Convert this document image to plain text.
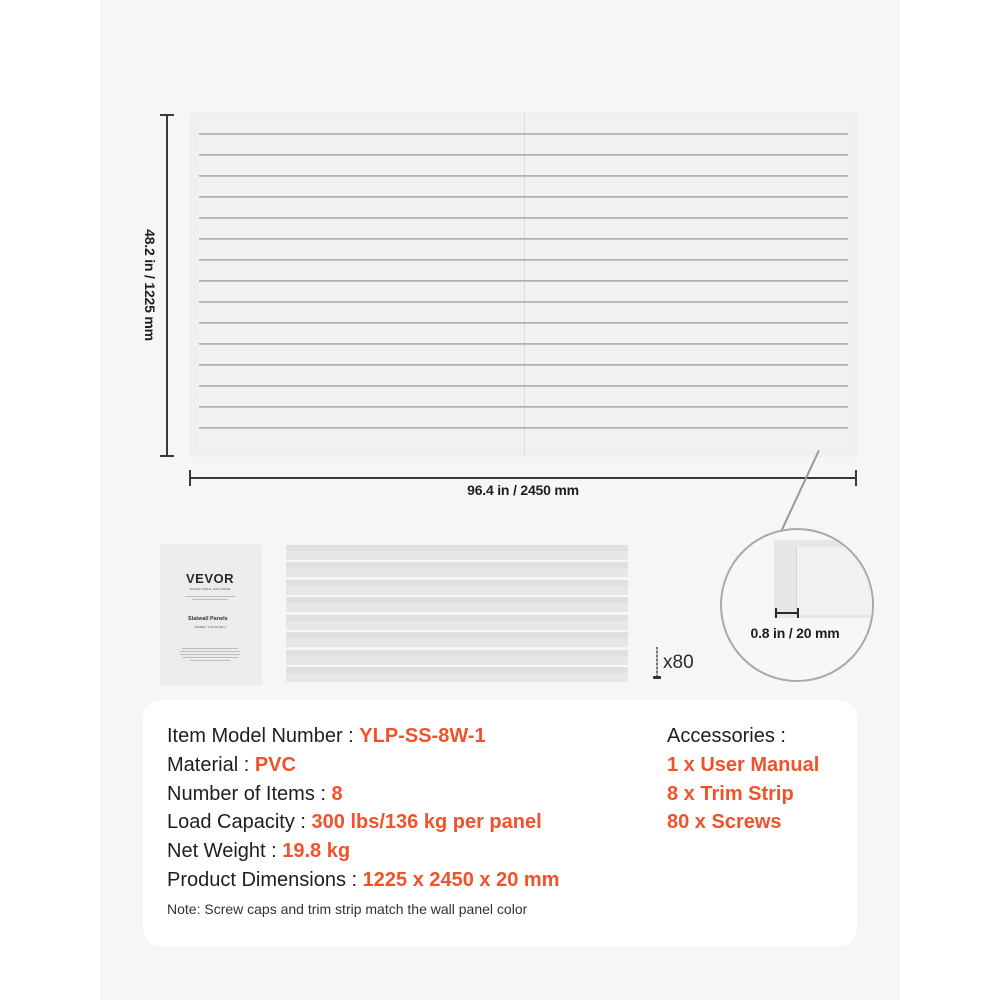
48.2 in / 1225 mm
96.4 in / 2450 mm
0.8 in / 20 mm
VEVOR
TOUGH TOOLS, HALF PRICE
Slatwall Panels
MODEL: YLP-SS-8W-1
x80
Item Model Number : YLP-SS-8W-1
Material : PVC
Number of Items : 8
Load Capacity : 300 lbs/136 kg per panel
Net Weight : 19.8 kg
Product Dimensions : 1225 x 2450 x 20 mm
Note: Screw caps and trim strip match the wall panel color
Accessories :
1 x User Manual
8 x Trim Strip
80 x Screws
